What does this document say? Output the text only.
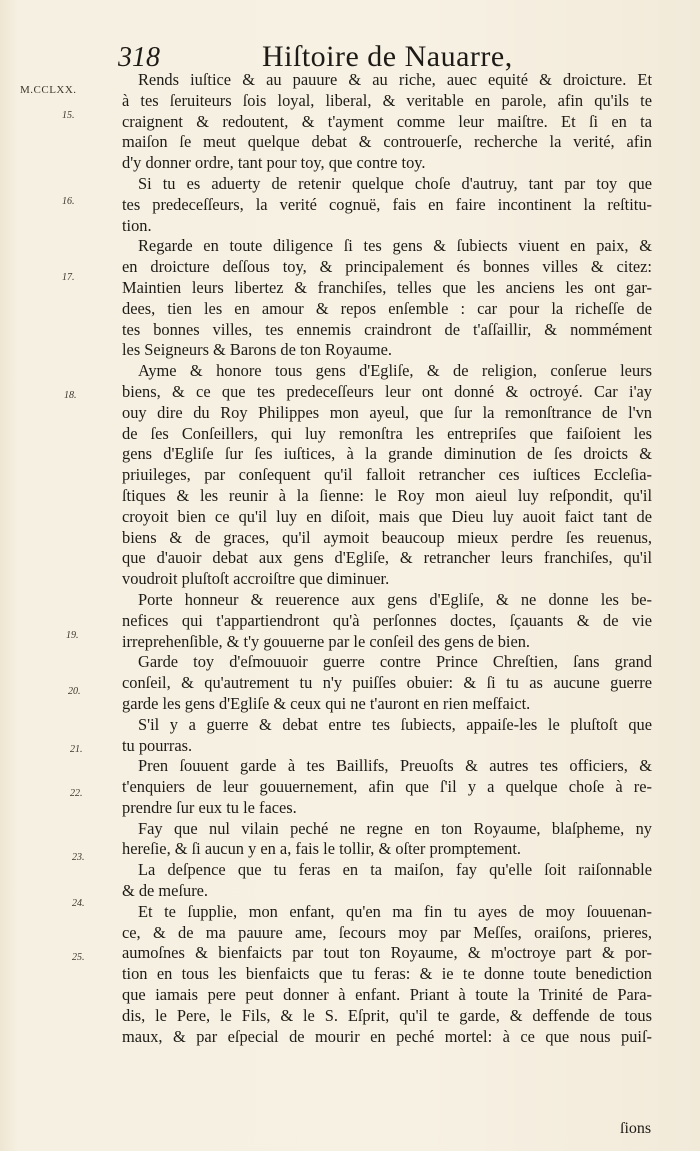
318	Hiſtoire de Nauarre,
M.CCLXX.
15.
16.
17.
18.
19.
20.
21.
22.
23.
24.
25.
Rends iuſtice & au pauure & au riche, auec equité & droicture. Et
à tes ſeruiteurs ſois loyal, liberal, & veritable en parole, afin qu'ils te
craignent & redoutent, & t'ayment comme leur maiſtre. Et ſi en ta
maiſon ſe meut quelque debat & controuerſe, recherche la verité, afin
d'y donner ordre, tant pour toy, que contre toy.
Si tu es aduerty de retenir quelque choſe d'autruy, tant par toy que
tes predeceſſeurs, la verité cognuë, fais en faire incontinent la reſtitu-
tion.
Regarde en toute diligence ſi tes gens & ſubiects viuent en paix, &
en droicture deſſous toy, & principalement és bonnes villes & citez:
Maintien leurs libertez & franchiſes, telles que les anciens les ont gar-
dees, tien les en amour & repos enſemble : car pour la richeſſe de
tes bonnes villes, tes ennemis craindront de t'aſſaillir, & nommément
les Seigneurs & Barons de ton Royaume.
Ayme & honore tous gens d'Egliſe, & de religion, conſerue leurs
biens, & ce que tes predeceſſeurs leur ont donné & octroyé. Car i'ay
ouy dire du Roy Philippes mon ayeul, que ſur la remonſtrance de l'vn
de ſes Conſeillers, qui luy remonſtra les entrepriſes que faiſoient les
gens d'Egliſe ſur ſes iuſtices, à la grande diminution de ſes droicts &
priuileges, par conſequent qu'il falloit retrancher ces iuſtices Eccleſia-
ſtiques & les reunir à la ſienne: le Roy mon aieul luy reſpondit, qu'il
croyoit bien ce qu'il luy en diſoit, mais que Dieu luy auoit faict tant de
biens & de graces, qu'il aymoit beaucoup mieux perdre ſes reuenus,
que d'auoir debat aux gens d'Egliſe, & retrancher leurs franchiſes, qu'il
voudroit pluſtoſt accroiſtre que diminuer.
Porte honneur & reuerence aux gens d'Egliſe, & ne donne les be-
nefices qui t'appartiendront qu'à perſonnes doctes, ſçauants & de vie
irreprehenſible, & t'y gouuerne par le conſeil des gens de bien.
Garde toy d'eſmouuoir guerre contre Prince Chreſtien, ſans grand
conſeil, & qu'autrement tu n'y puiſſes obuier: & ſi tu as aucune guerre
garde les gens d'Egliſe & ceux qui ne t'auront en rien meſfaict.
S'il y a guerre & debat entre tes ſubiects, appaiſe-les le pluſtoſt que
tu pourras.
Pren ſouuent garde à tes Baillifs, Preuoſts & autres tes officiers, &
t'enquiers de leur gouuernement, afin que ſ'il y a quelque choſe à re-
prendre ſur eux tu le faces.
Fay que nul vilain peché ne regne en ton Royaume, blaſpheme, ny
hereſie, & ſi aucun y en a, fais le tollir, & oſter promptement.
La deſpence que tu feras en ta maiſon, fay qu'elle ſoit raiſonnable
& de meſure.
Et te ſupplie, mon enfant, qu'en ma fin tu ayes de moy ſouuenan-
ce, & de ma pauure ame, ſecours moy par Meſſes, oraiſons, prieres,
aumoſnes & bienfaicts par tout ton Royaume, & m'octroye part & por-
tion en tous les bienfaicts que tu feras: & ie te donne toute benediction
que iamais pere peut donner à enfant. Priant à toute la Trinité de Para-
dis, le Pere, le Fils, & le S. Eſprit, qu'il te garde, & deffende de tous
maux, & par eſpecial de mourir en peché mortel: à ce que nous puiſ-
ſions
